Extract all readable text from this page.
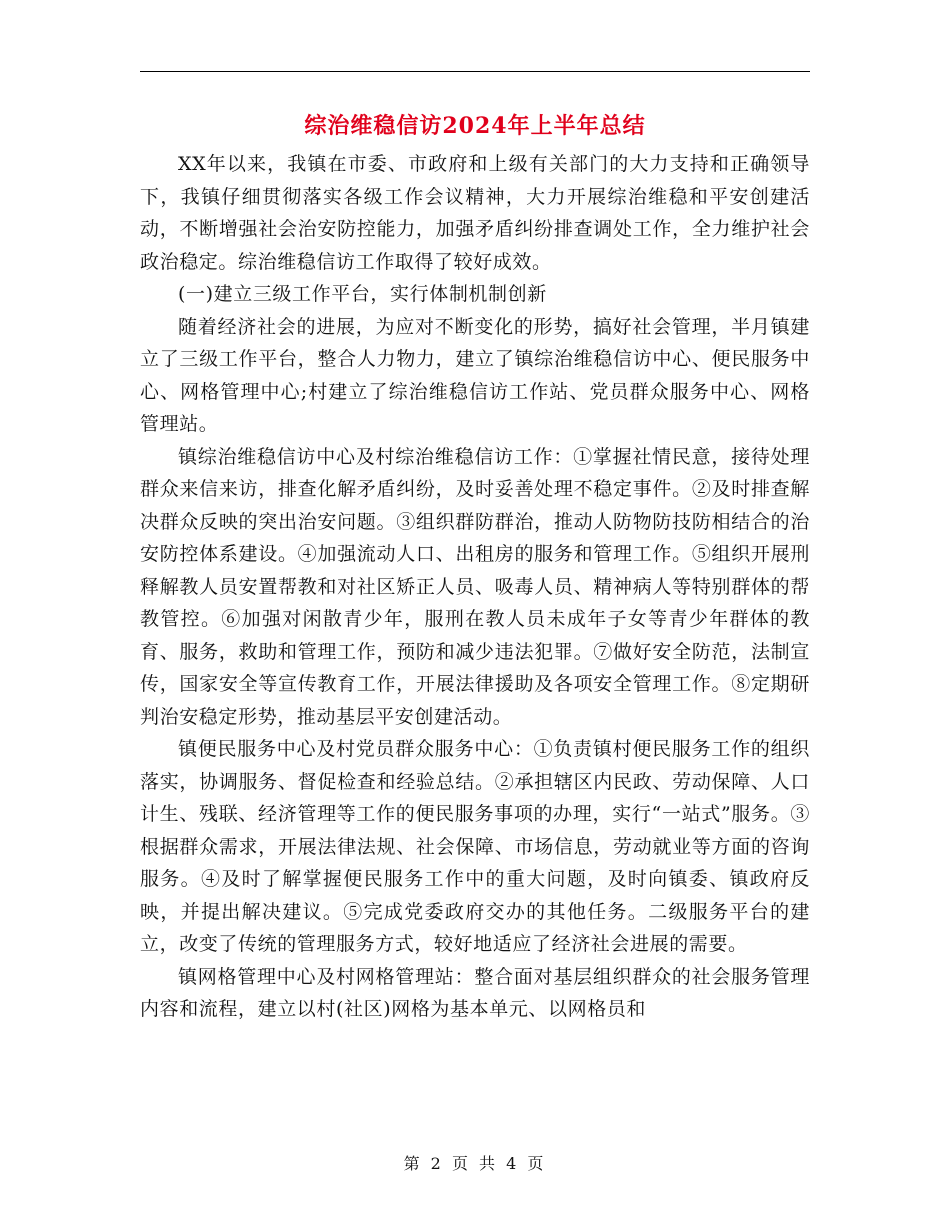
综治维稳信访2024年上半年总结

XX年以来，我镇在市委、市政府和上级有关部门的大力支持和正确领导下，我镇仔细贯彻落实各级工作会议精神，大力开展综治维稳和平安创建活动，不断增强社会治安防控能力，加强矛盾纠纷排查调处工作，全力维护社会政治稳定。综治维稳信访工作取得了较好成效。

(一)建立三级工作平台，实行体制机制创新

随着经济社会的进展，为应对不断变化的形势，搞好社会管理，半月镇建立了三级工作平台，整合人力物力，建立了镇综治维稳信访中心、便民服务中心、网格管理中心;村建立了综治维稳信访工作站、党员群众服务中心、网格管理站。

镇综治维稳信访中心及村综治维稳信访工作：①掌握社情民意，接待处理群众来信来访，排查化解矛盾纠纷，及时妥善处理不稳定事件。②及时排查解决群众反映的突出治安问题。③组织群防群治，推动人防物防技防相结合的治安防控体系建设。④加强流动人口、出租房的服务和管理工作。⑤组织开展刑释解教人员安置帮教和对社区矫正人员、吸毒人员、精神病人等特别群体的帮教管控。⑥加强对闲散青少年，服刑在教人员未成年子女等青少年群体的教育、服务，救助和管理工作，预防和减少违法犯罪。⑦做好安全防范，法制宣传，国家安全等宣传教育工作，开展法律援助及各项安全管理工作。⑧定期研判治安稳定形势，推动基层平安创建活动。

镇便民服务中心及村党员群众服务中心：①负责镇村便民服务工作的组织落实，协调服务、督促检查和经验总结。②承担辖区内民政、劳动保障、人口计生、残联、经济管理等工作的便民服务事项的办理，实行“一站式”服务。③根据群众需求，开展法律法规、社会保障、市场信息，劳动就业等方面的咨询服务。④及时了解掌握便民服务工作中的重大问题，及时向镇委、镇政府反映，并提出解决建议。⑤完成党委政府交办的其他任务。二级服务平台的建立，改变了传统的管理服务方式，较好地适应了经济社会进展的需要。

镇网格管理中心及村网格管理站：整合面对基层组织群众的社会服务管理内容和流程，建立以村(社区)网格为基本单元、以网格员和

第 2 页 共 4 页
